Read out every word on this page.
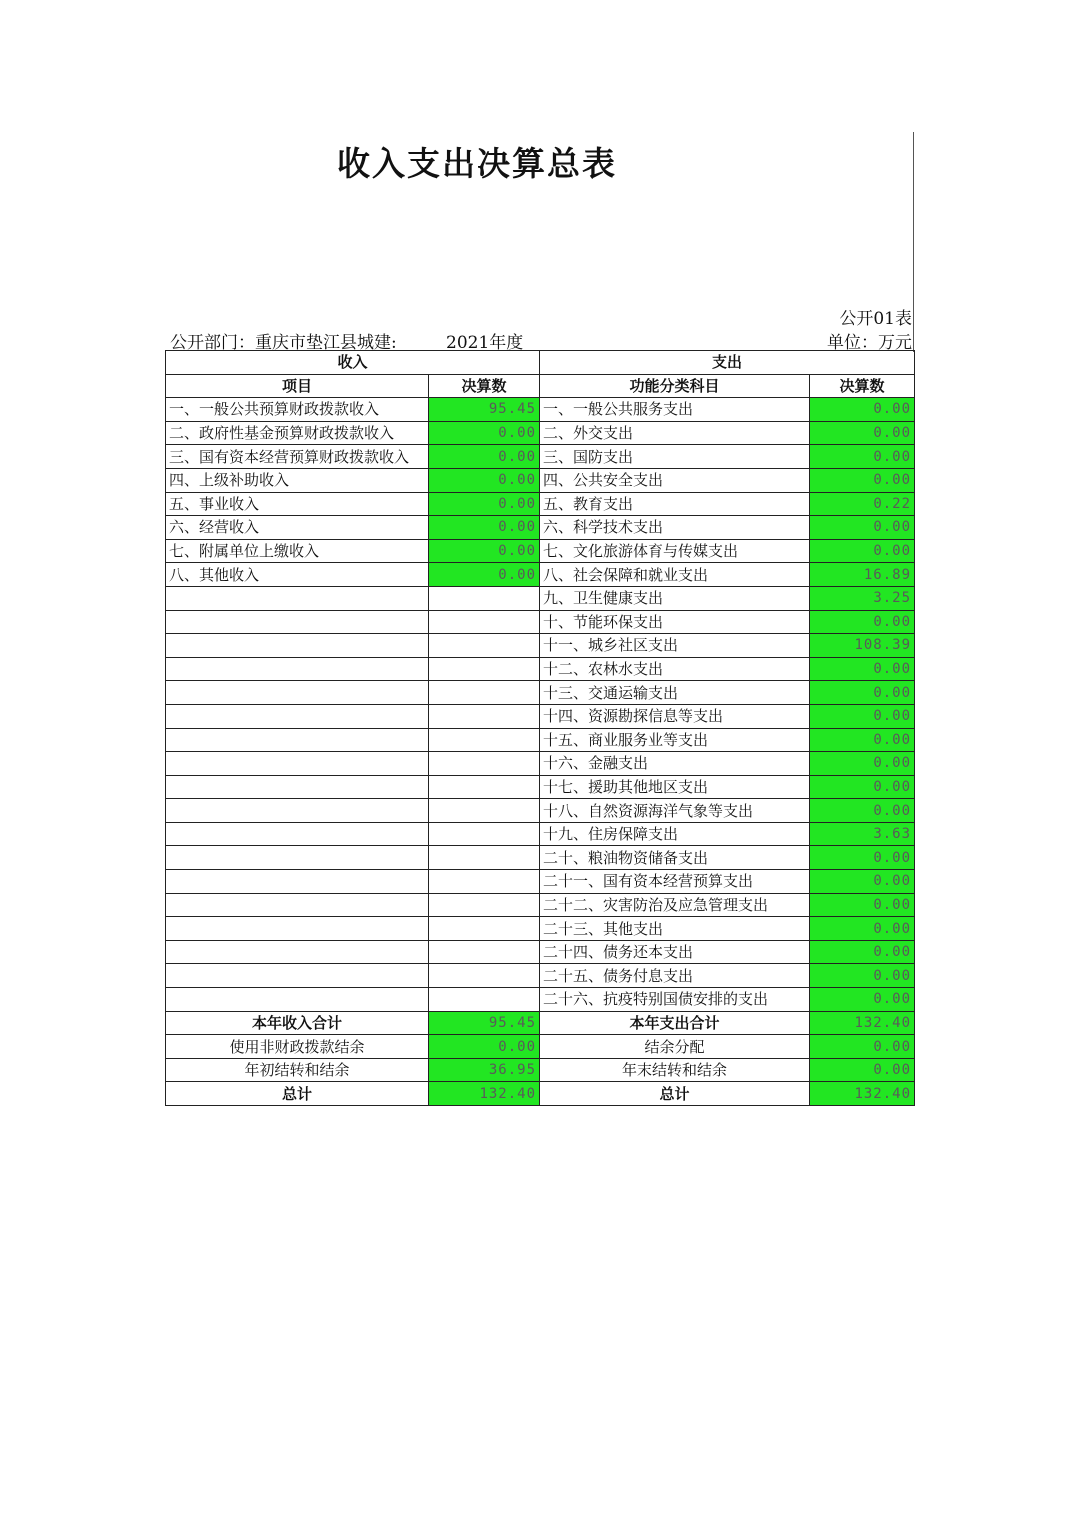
收入支出决算总表
公开01表
公开部门：重庆市垫江县城建:	2021年度	单位：万元
收入		支出	
项目	决算数	功能分类科目	决算数
一、一般公共预算财政拨款收入	95.45	一、一般公共服务支出	0.00
二、政府性基金预算财政拨款收入	0.00	二、外交支出	0.00
三、国有资本经营预算财政拨款收入	0.00	三、国防支出	0.00
四、上级补助收入	0.00	四、公共安全支出	0.00
五、事业收入	0.00	五、教育支出	0.22
六、经营收入	0.00	六、科学技术支出	0.00
七、附属单位上缴收入	0.00	七、文化旅游体育与传媒支出	0.00
八、其他收入	0.00	八、社会保障和就业支出	16.89
		九、卫生健康支出	3.25
		十、节能环保支出	0.00
		十一、城乡社区支出	108.39
		十二、农林水支出	0.00
		十三、交通运输支出	0.00
		十四、资源勘探信息等支出	0.00
		十五、商业服务业等支出	0.00
		十六、金融支出	0.00
		十七、援助其他地区支出	0.00
		十八、自然资源海洋气象等支出	0.00
		十九、住房保障支出	3.63
		二十、粮油物资储备支出	0.00
		二十一、国有资本经营预算支出	0.00
		二十二、灾害防治及应急管理支出	0.00
		二十三、其他支出	0.00
		二十四、债务还本支出	0.00
		二十五、债务付息支出	0.00
		二十六、抗疫特别国债安排的支出	0.00
本年收入合计	95.45	本年支出合计	132.40
使用非财政拨款结余	0.00	结余分配	0.00
年初结转和结余	36.95	年末结转和结余	0.00
总计	132.40	总计	132.40
